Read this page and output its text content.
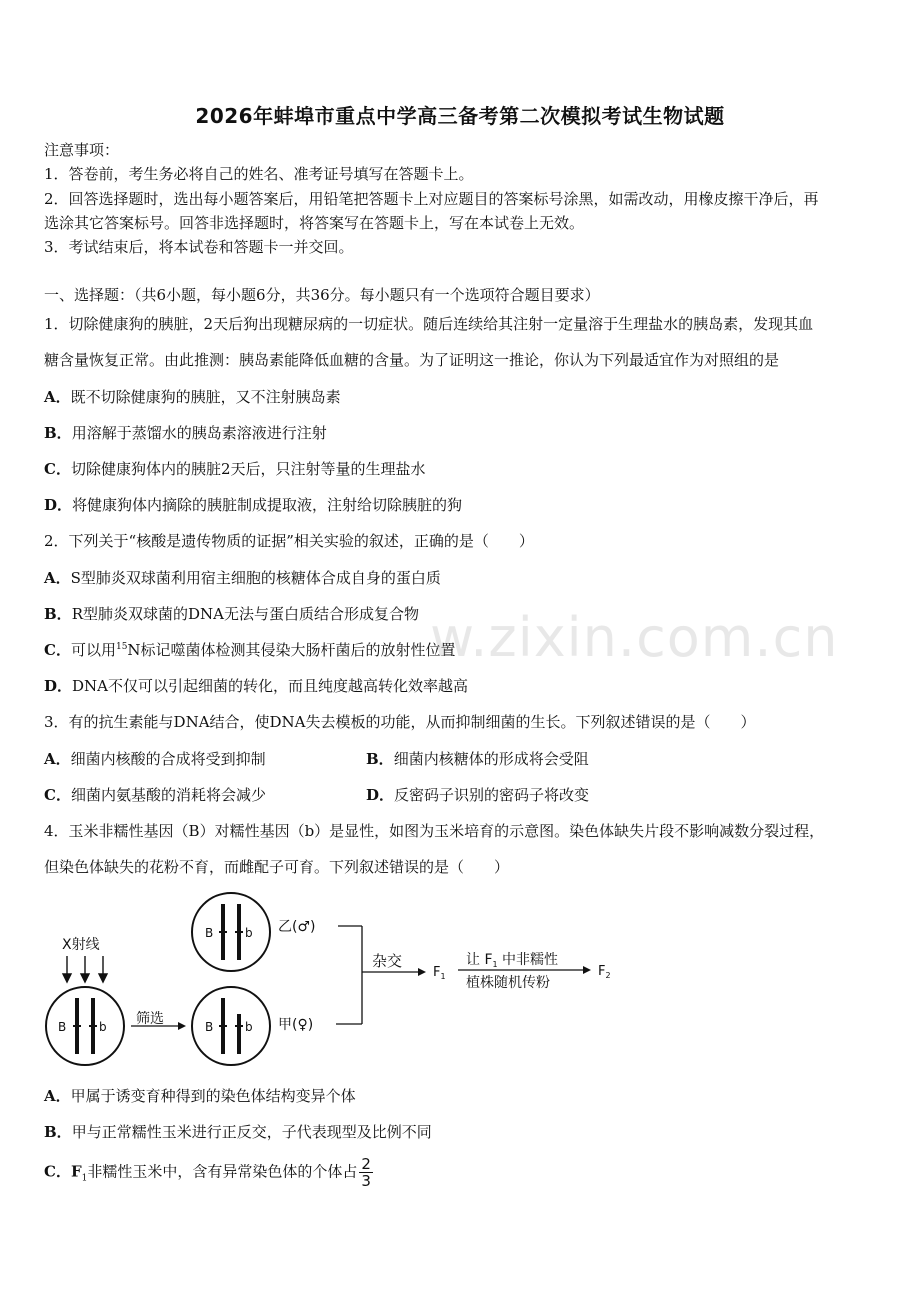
2026年蚌埠市重点中学高三备考第二次模拟考试生物试题
注意事项：
1．答卷前，考生务必将自己的姓名、准考证号填写在答题卡上。
2．回答选择题时，选出每小题答案后，用铅笔把答题卡上对应题目的答案标号涂黑，如需改动，用橡皮擦干净后，再
选涂其它答案标号。回答非选择题时，将答案写在答题卡上，写在本试卷上无效。
3．考试结束后，将本试卷和答题卡一并交回。
一、选择题：（共6小题，每小题6分，共36分。每小题只有一个选项符合题目要求）
1．切除健康狗的胰脏，2天后狗出现糖尿病的一切症状。随后连续给其注射一定量溶于生理盐水的胰岛素，发现其血
糖含量恢复正常。由此推测：胰岛素能降低血糖的含量。为了证明这一推论，你认为下列最适宜作为对照组的是
A．既不切除健康狗的胰脏，又不注射胰岛素
B．用溶解于蒸馏水的胰岛素溶液进行注射
C．切除健康狗体内的胰脏2天后，只注射等量的生理盐水
D．将健康狗体内摘除的胰脏制成提取液，注射给切除胰脏的狗
2．下列关于“核酸是遗传物质的证据”相关实验的叙述，正确的是（　　）
A．S型肺炎双球菌利用宿主细胞的核糖体合成自身的蛋白质
B．R型肺炎双球菌的DNA无法与蛋白质结合形成复合物
C．可以用$^{15}$N标记噬菌体检测其侵染大肠杆菌后的放射性位置
D．DNA不仅可以引起细菌的转化，而且纯度越高转化效率越高
3．有的抗生素能与DNA结合，使DNA失去模板的功能，从而抑制细菌的生长。下列叙述错误的是（　　）
A．细菌内核酸的合成将受到抑制	B．细菌内核糖体的形成将会受阻
C．细菌内氨基酸的消耗将会减少	D．反密码子识别的密码子将改变
4．玉米非糯性基因（B）对糯性基因（b）是显性，如图为玉米培育的示意图。染色体缺失片段不影响减数分裂过程，
但染色体缺失的花粉不育，而雌配子可育。下列叙述错误的是（　　）
X射线
B	b 筛选
B	b 乙(♂)
B	b 甲(♀)
杂交
$F_1$
让 $F_1$ 中非糯性
植株随机传粉
$F_2$
A．甲属于诱变育种得到的染色体结构变异个体
B．甲与正常糯性玉米进行正反交，子代表现型及比例不同
C．$F_1$非糯性玉米中，含有异常染色体的个体占 $\frac{2}{3}$
w.zixin.com.cn
